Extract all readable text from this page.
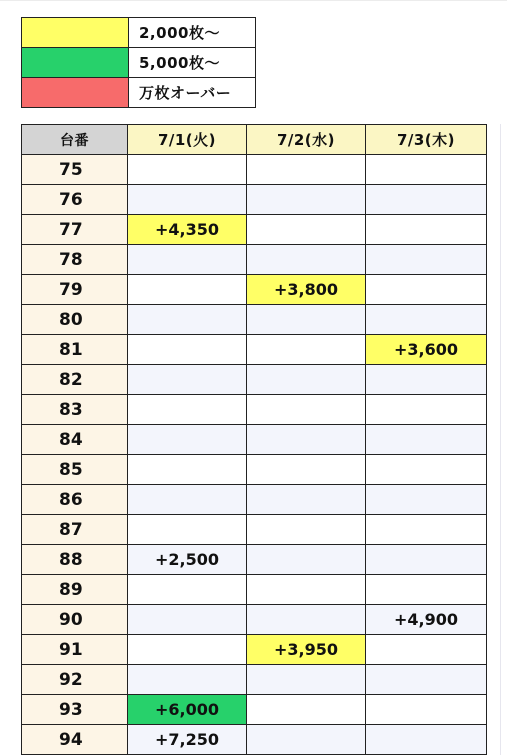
	2,000枚〜
	5,000枚〜
	万枚オーバー
台番	7/1(火)	7/2(水)	7/3(木)
75			
76			
77	+4,350		
78			
79		+3,800	
80			
81			+3,600
82			
83			
84			
85			
86			
87			
88	+2,500		
89			
90			+4,900
91		+3,950	
92			
93	+6,000		
94	+7,250		
